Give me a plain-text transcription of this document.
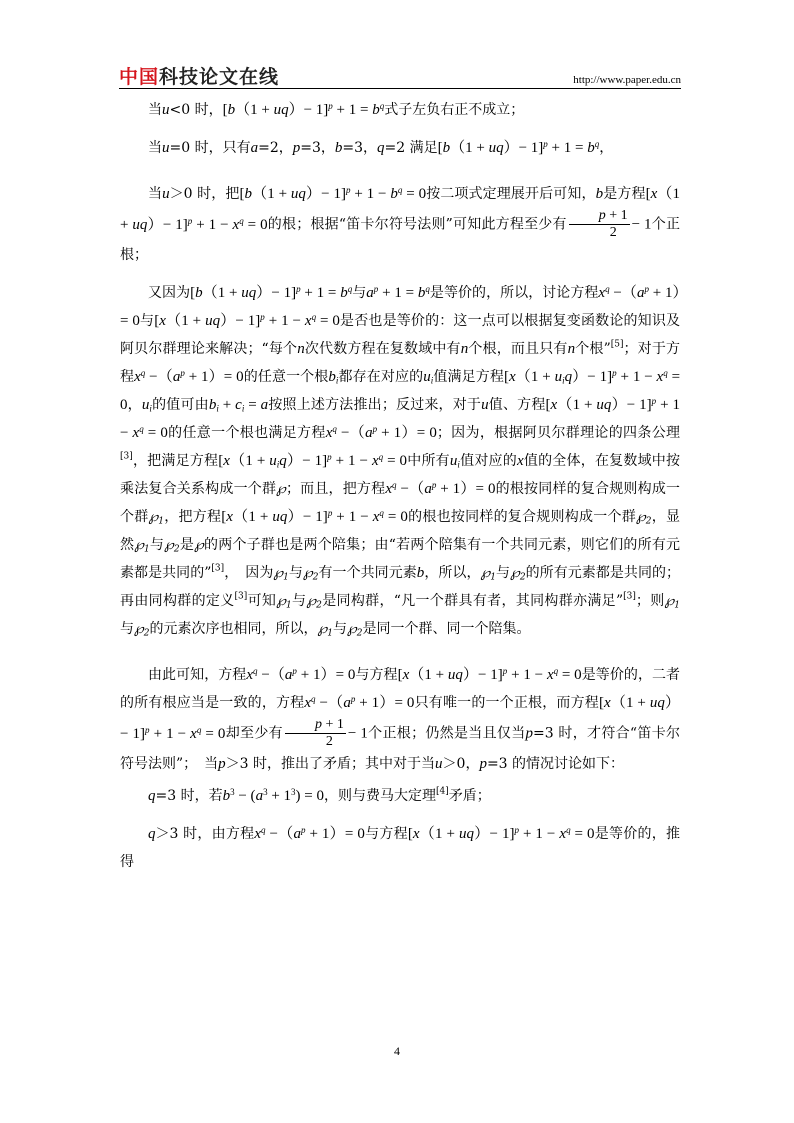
中国科技论文在线	http://www.paper.edu.cn

当u<0 时，$[b(1 + uq)- 1]^p + 1 = b^q$式子左负右正不成立；

当u=0 时，只有a=2，p=3，b=3，q=2 满足$[b(1 + uq)- 1]^p + 1 = b^q$，

当u＞0 时，把$[b(1 + uq)- 1]^p + 1 - b^q = 0$按二项式定理展开后可知，b是方程$[x(1 + uq)- 1]^p + 1 - x^q = 0$的根；根据“笛卡尔符号法则”可知此方程至少有 $\frac{p + 1}{2} - 1$个正根；

又因为$[b(1 + uq)- 1]^p + 1 = b^q$与$a^p + 1 = b^q$是等价的，所以，讨论方程$x^q -(a^p + 1)= 0$与$[x(1 + uq)- 1]^p + 1 - x^q = 0$是否也是等价的：这一点可以根据复变函数论的知识及阿贝尔群理论来解决；“每个n次代数方程在复数域中有n个根，而且只有n个根”[5]；对于方程$x^q -(a^p + 1)= 0$的任意一个根$b_i$都存在对应的$u_i$值满足方程$[x(1 + u_iq)- 1]^p + 1 - x^q = 0$，$u_i$的值可由$b_i + c_i = a$按照上述方法推出；反过来，对于u值、方程$[x(1 + uq)- 1]^p + 1 - x^q = 0$的任意一个根也满足方程$x^q -(a^p + 1)= 0$；因为，根据阿贝尔群理论的四条公理[3]，把满足方程$[x(1 + u_iq)- 1]^p + 1 - x^q = 0$中所有$u_i$值对应的x值的全体，在复数域中按乘法复合关系构成一个群℘；而且，把方程$x^q -(a^p + 1)= 0$的根按同样的复合规则构成一个群$℘_1$，把方程$[x(1 + uq)- 1]^p + 1 - x^q = 0$的根也按同样的复合规则构成一个群$℘_2$，显然$℘_1$与$℘_2$是℘的两个子群也是两个陪集；由“若两个陪集有一个共同元素，则它们的所有元素都是共同的”[3]，　因为$℘_1$与$℘_2$有一个共同元素b，所以，$℘_1$与$℘_2$的所有元素都是共同的；再由同构群的定义[3]可知$℘_1$与$℘_2$是同构群，“凡一个群具有者，其同构群亦满足”[3]；则$℘_1$与$℘_2$的元素次序也相同，所以，$℘_1$与$℘_2$是同一个群、同一个陪集。

由此可知，方程$x^q -(a^p + 1)= 0$与方程$[x(1 + uq)- 1]^p + 1 - x^q = 0$是等价的，二者的所有根应当是一致的，方程$x^q -(a^p + 1)= 0$只有唯一的一个正根，而方程$[x(1 + uq)- 1]^p + 1 - x^q = 0$却至少有 $\frac{p + 1}{2} - 1$个正根；仍然是当且仅当p=3 时，才符合“笛卡尔符号法则”；　当p＞3 时，推出了矛盾；其中对于当u＞0，p=3 的情况讨论如下：

q=3 时，若$b^3 - (a^3 + 1^3) = 0$，则与费马大定理[4]矛盾；

q＞3 时，由方程$x^q -(a^p + 1)= 0$与方程$[x(1 + uq)- 1]^p + 1 - x^q = 0$是等价的，推得

4
